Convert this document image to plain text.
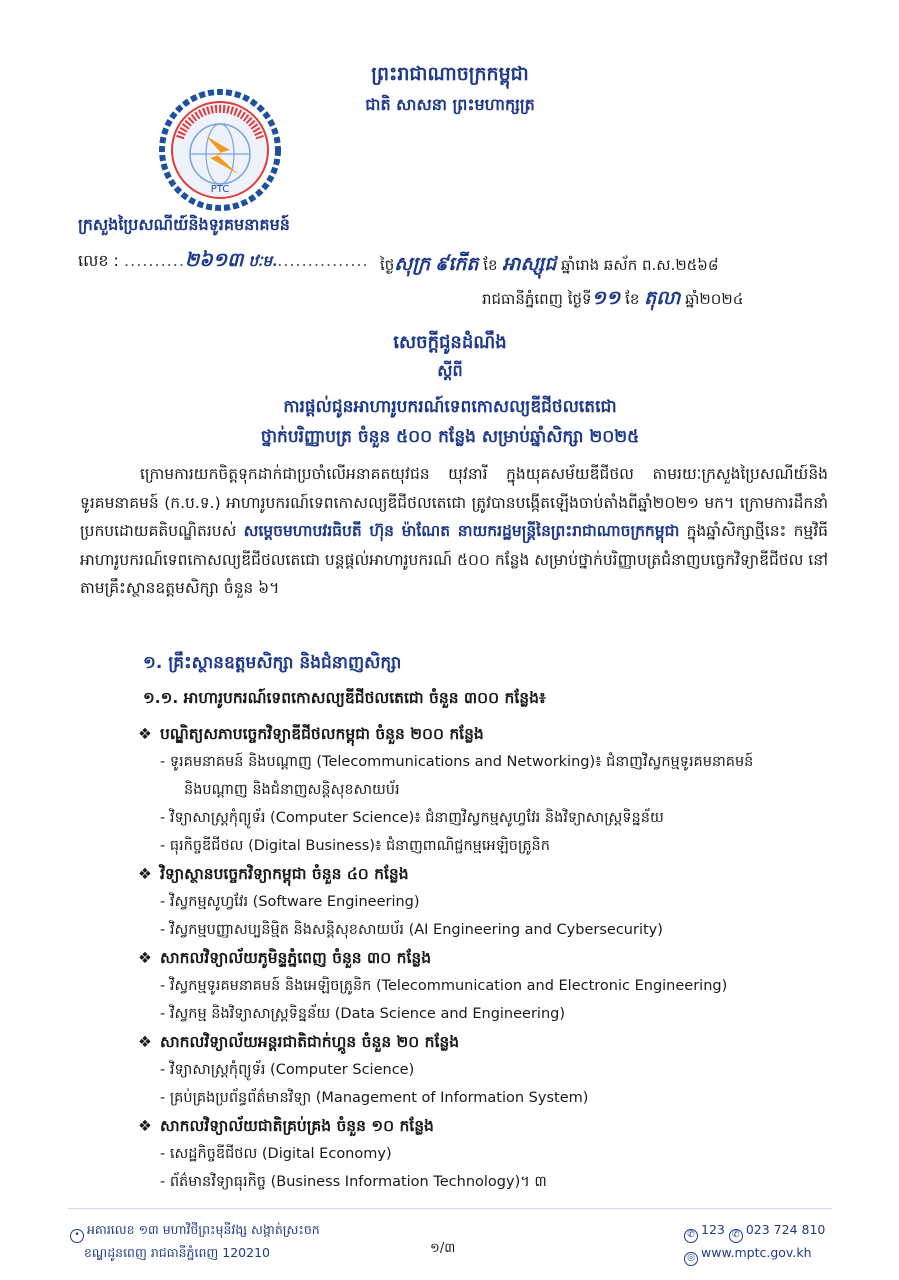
ព្រះរាជាណាចក្រកម្ពុជា
ជាតិ សាសនា ព្រះមហាក្សត្រ
ប.ទ.ត
PTC
ក្រសួងប្រៃសណីយ៍និងទូរគមនាគមន៍
លេខ : ..........២៦១៣ ឋៈម................ ថ្ងៃសុក្រ ៩កើត ខែ អាស្សុជ ឆ្នាំរោង ឆស័ក ព.ស.២៥៦៨
រាជធានីភ្នំពេញ ថ្ងៃទី១១ ខែ តុលា ឆ្នាំ២០២៤
សេចក្តីជូនដំណឹង
ស្តីពី
ការផ្តល់ជូនអាហារូបករណ៍ទេពកោសល្យឌីជីថលតេជោ
ថ្នាក់បរិញ្ញាបត្រ ចំនួន ៥០០ កន្លែង សម្រាប់ឆ្នាំសិក្សា ២០២៥
ក្រោមការយកចិត្តទុកដាក់ជាប្រចាំលើអនាគតយុវជន យុវនារី ក្នុងយុគសម័យឌីជីថល តាមរយៈក្រសួងប្រៃសណីយ៍និងទូរគមនាគមន៍ (ក.ប.ទ.) អាហារូបករណ៍ទេពកោសល្យឌីជីថលតេជោ ត្រូវបានបង្កើតឡើងចាប់តាំងពីឆ្នាំ២០២១ មក។ ក្រោមការដឹកនាំប្រកបដោយគតិបណ្ឌិតរបស់ សម្តេចមហាបវរធិបតី ហ៊ុន ម៉ាណែត នាយករដ្ឋមន្ត្រីនៃព្រះរាជាណាចក្រកម្ពុជា ក្នុងឆ្នាំសិក្សាថ្មីនេះ កម្មវិធីអាហារូបករណ៍ទេពកោសល្យឌីជីថលតេជោ បន្តផ្តល់អាហារូបករណ៍ ៥០០ កន្លែង សម្រាប់ថ្នាក់បរិញ្ញាបត្រជំនាញបច្ចេកវិទ្យាឌីជីថល នៅតាមគ្រឹះស្ថានឧត្តមសិក្សា ចំនួន ៦។
១. គ្រឹះស្ថានឧត្តមសិក្សា និងជំនាញសិក្សា
១.១. អាហារូបករណ៍ទេពកោសល្យឌីជីថលតេជោ ចំនួន ៣០០ កន្លែង៖
❖ បណ្ឌិត្យសភាបច្ចេកវិទ្យាឌីជីថលកម្ពុជា ចំនួន ២០០ កន្លែង
- ទូរគមនាគមន៍ និងបណ្តាញ (Telecommunications and Networking)៖ ជំនាញវិស្វកម្មទូរគមនាគមន៍
និងបណ្តាញ និងជំនាញសន្តិសុខសាយប័រ
- វិទ្យាសាស្ត្រកុំព្យូទ័រ (Computer Science)៖ ជំនាញវិស្វកម្មសូហ្វវែរ និងវិទ្យាសាស្ត្រទិន្នន័យ
- ធុរកិច្ចឌីជីថល (Digital Business)៖ ជំនាញពាណិជ្ជកម្មអេឡិចត្រូនិក
❖ វិទ្យាស្ថានបច្ចេកវិទ្យាកម្ពុជា ចំនួន ៤០ កន្លែង
- វិស្វកម្មសូហ្វវែរ (Software Engineering)
- វិស្វកម្មបញ្ញាសប្បនិម្មិត និងសន្តិសុខសាយប័រ (AI Engineering and Cybersecurity)
❖ សាកលវិទ្យាល័យភូមិន្ទភ្នំពេញ ចំនួន ៣០ កន្លែង
- វិស្វកម្មទូរគមនាគមន៍ និងអេឡិចត្រូនិក (Telecommunication and Electronic Engineering)
- វិស្វកម្ម និងវិទ្យាសាស្ត្រទិន្នន័យ (Data Science and Engineering)
❖ សាកលវិទ្យាល័យអន្តរជាតិជាក់ហ្គូន ចំនួន ២០ កន្លែង
- វិទ្យាសាស្ត្រកុំព្យូទ័រ (Computer Science)
- គ្រប់គ្រងប្រព័ន្ធព័ត៌មានវិទ្យា (Management of Information System)
❖ សាកលវិទ្យាល័យជាតិគ្រប់គ្រង ចំនួន ១០ កន្លែង
- សេដ្ឋកិច្ចឌីជីថល (Digital Economy)
- ព័ត៌មានវិទ្យាធុរកិច្ច (Business Information Technology)។ ៣
• អគារលេខ ១៣ មហាវិថីព្រះមុនីវង្ស សង្កាត់ស្រះចក
ខណ្ឌដូនពេញ រាជធានីភ្នំពេញ 120210	១/៣
✆ 123 ✆ 023 724 810
◎ www.mptc.gov.kh
